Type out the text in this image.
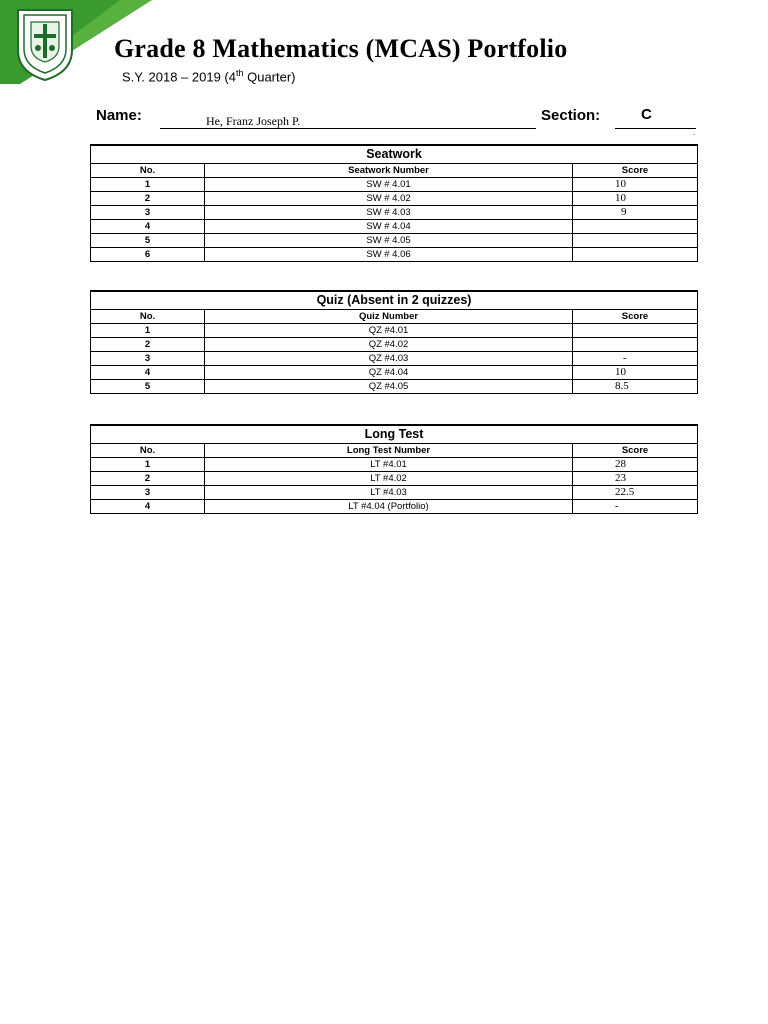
Grade 8 Mathematics (MCAS) Portfolio
S.Y. 2018 – 2019 (4th Quarter)
Name:	He, Franz Joseph P.	Section:	C
.
Seatwork		
No.	Seatwork Number	Score
1	SW # 4.01	10
2	SW # 4.02	10
3	SW # 4.03	9
4	SW # 4.04	
5	SW # 4.05	
6	SW # 4.06	
Quiz (Absent in 2 quizzes)		
No.	Quiz Number	Score
1	QZ #4.01	
2	QZ #4.02	
3	QZ #4.03	-
4	QZ #4.04	10
5	QZ #4.05	8.5
Long Test		
No.	Long Test Number	Score
1	LT #4.01	28
2	LT #4.02	23
3	LT #4.03	22.5
4	LT #4.04 (Portfolio)	-
